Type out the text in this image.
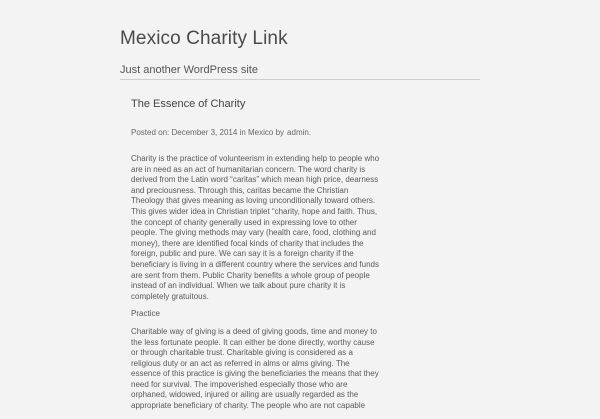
Mexico Charity Link
Just another WordPress site
The Essence of Charity
Posted on: December 3, 2014 in Mexico by admin.

Charity is the practice of volunteerism in extending help to people who are in need as an act of humanitarian concern. The word charity is derived from the Latin word “caritas” which mean high price, dearness and preciousness. Through this, caritas became the Christian Theology that gives meaning as loving unconditionally toward others. This gives wider idea in Christian triplet “charity, hope and faith. Thus, the concept of charity generally used in expressing love to other people. The giving methods may vary (health care, food, clothing and money), there are identified focal kinds of charity that includes the foreign, public and pure. We can say it is a foreign charity if the beneficiary is living in a different country where the services and funds are sent from them. Public Charity benefits a whole group of people instead of an individual. When we talk about pure charity it is completely gratuitous.

Practice

Charitable way of giving is a deed of giving goods, time and money to the less fortunate people. It can either be done directly, worthy cause or through charitable trust. Charitable giving is considered as a religious duty or an act as referred in alms or alms giving. The essence of this practice is giving the beneficiaries the means that they need for survival. The impoverished especially those who are orphaned, widowed, injured or ailing are usually regarded as the appropriate beneficiary of charity. The people who are not capable
